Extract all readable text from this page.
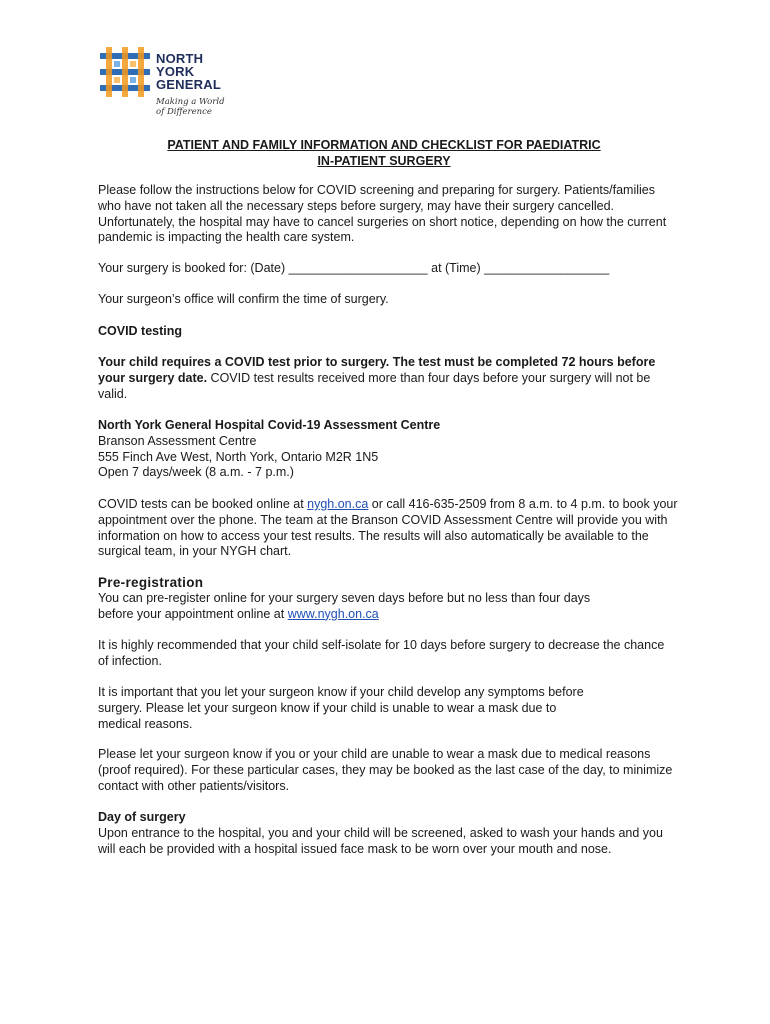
NORTH
YORK
GENERAL
Making a World
of Difference
PATIENT AND FAMILY INFORMATION AND CHECKLIST FOR PAEDIATRIC
IN-PATIENT SURGERY

Please follow the instructions below for COVID screening and preparing for surgery. Patients/families who have not taken all the necessary steps before surgery, may have their surgery cancelled. Unfortunately, the hospital may have to cancel surgeries on short notice, depending on how the current pandemic is impacting the health care system.

Your surgery is booked for: (Date) ____________________ at (Time) __________________

Your surgeon’s office will confirm the time of surgery.

COVID testing

Your child requires a COVID test prior to surgery. The test must be completed 72 hours before your surgery date. COVID test results received more than four days before your surgery will not be valid.

North York General Hospital Covid-19 Assessment Centre
Branson Assessment Centre
555 Finch Ave West, North York, Ontario M2R 1N5
Open 7 days/week (8 a.m. - 7 p.m.)

COVID tests can be booked online at nygh.on.ca or call 416-635-2509 from 8 a.m. to 4 p.m. to book your appointment over the phone. The team at the Branson COVID Assessment Centre will provide you with information on how to access your test results. The results will also automatically be available to the surgical team, in your NYGH chart.

Pre-registration

You can pre-register online for your surgery seven days before but no less than four days
before your appointment online at www.nygh.on.ca

It is highly recommended that your child self-isolate for 10 days before surgery to decrease the chance of infection.

It is important that you let your surgeon know if your child develop any symptoms before
surgery. Please let your surgeon know if your child is unable to wear a mask due to
medical reasons.

Please let your surgeon know if you or your child are unable to wear a mask due to medical reasons (proof required). For these particular cases, they may be booked as the last case of the day, to minimize contact with other patients/visitors.

Day of surgery

Upon entrance to the hospital, you and your child will be screened, asked to wash your hands and you will each be provided with a hospital issued face mask to be worn over your mouth and nose.
